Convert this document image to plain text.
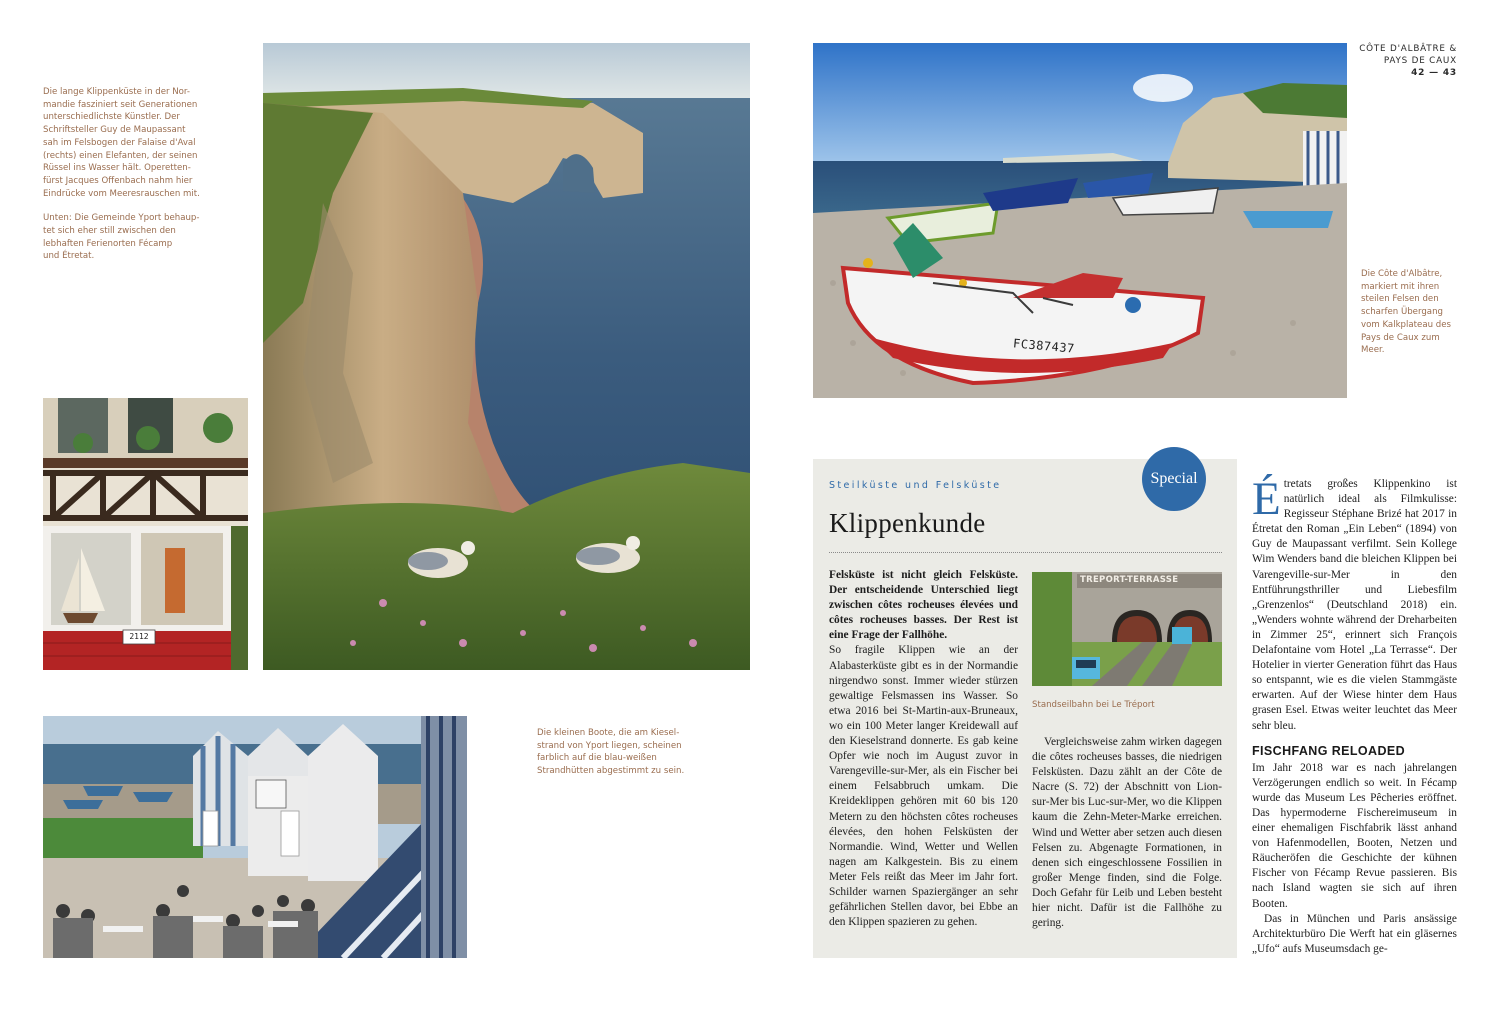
Die lange Klippenküste in der Nor-
mandie fasziniert seit Generationen
unterschiedlichste Künstler. Der
Schriftsteller Guy de Maupassant
sah im Felsbogen der Falaise d'Aval
(rechts) einen Elefanten, der seinen
Rüssel ins Wasser hält. Operetten-
fürst Jacques Offenbach nahm hier
Eindrücke vom Meeresrauschen mit.

Unten: Die Gemeinde Yport behaup-
tet sich eher still zwischen den
lebhaften Ferienorten Fécamp
und Étretat.

2112
Die kleinen Boote, die am Kiesel-
strand von Yport liegen, scheinen
farblich auf die blau-weißen
Strandhütten abgestimmt zu sein.
CÔTE D'ALBÂTRE &
PAYS DE CAUX
42 — 43
FC387437
Die Côte d'Albâtre,
markiert mit ihren
steilen Felsen den
scharfen Übergang
vom Kalkplateau des
Pays de Caux zum
Meer.
Special
Steilküste und Felsküste
Klippenkunde

Felsküste ist nicht gleich Felsküste. Der entscheidende Unterschied liegt zwischen côtes rocheuses élevées und côtes rocheuses basses. Der Rest ist eine Frage der Fallhöhe.

So fragile Klippen wie an der Alabasterküste gibt es in der Normandie nirgendwo sonst. Immer wieder stürzen gewaltige Felsmassen ins Wasser. So etwa 2016 bei St-Martin-aux-Bruneaux, wo ein 100 Meter langer Kreidewall auf den Kieselstrand donnerte. Es gab keine Opfer wie noch im August zuvor in Varengeville-sur-Mer, als ein Fischer bei einem Felsabbruch umkam. Die Kreideklippen gehören mit 60 bis 120 Metern zu den höchsten côtes rocheuses élevées, den hohen Felsküsten der Normandie. Wind, Wetter und Wellen nagen am Kalkgestein. Bis zu einem Meter Fels reißt das Meer im Jahr fort. Schilder warnen Spaziergänger an sehr gefährlichen Stellen davor, bei Ebbe an den Klippen spazieren zu gehen.

TREPORT-TERRASSE
Standseilbahn bei Le Tréport

Vergleichsweise zahm wirken dagegen die côtes rocheuses basses, die niedrigen Felsküsten. Dazu zählt an der Côte de Nacre (S. 72) der Abschnitt von Lion-sur-Mer bis Luc-sur-Mer, wo die Klippen kaum die Zehn-Meter-Marke erreichen. Wind und Wetter aber setzen auch diesen Felsen zu. Abgenagte Formationen, in denen sich eingeschlossene Fossilien in großer Menge finden, sind die Folge. Doch Gefahr für Leib und Leben besteht hier nicht. Dafür ist die Fallhöhe zu gering.

Étretats großes Klippenkino ist natürlich ideal als Filmkulisse: Regisseur Stéphane Brizé hat 2017 in Étretat den Roman „Ein Leben“ (1894) von Guy de Maupassant verfilmt. Sein Kollege Wim Wenders band die bleichen Klippen bei Varengeville-sur-Mer in den Entführungsthriller und Liebesfilm „Grenzenlos“ (Deutschland 2018) ein. „Wenders wohnte während der Dreharbeiten in Zimmer 25“, erinnert sich François Delafontaine vom Hotel „La Terrasse“. Der Hotelier in vierter Generation führt das Haus so entspannt, wie es die vielen Stammgäste erwarten. Auf der Wiese hinter dem Haus grasen Esel. Etwas weiter leuchtet das Meer sehr bleu.

FISCHFANG RELOADED

Im Jahr 2018 war es nach jahrelangen Verzögerungen endlich so weit. In Fécamp wurde das Museum Les Pêcheries eröffnet. Das hypermoderne Fischereimuseum in einer ehemaligen Fischfabrik lässt anhand von Hafenmodellen, Booten, Netzen und Räucheröfen die Geschichte der kühnen Fischer von Fécamp Revue passieren. Bis nach Island wagten sie sich auf ihren Booten.

Das in München und Paris ansässige Architekturbüro Die Werft hat ein gläsernes „Ufo“ aufs Museumsdach ge-
